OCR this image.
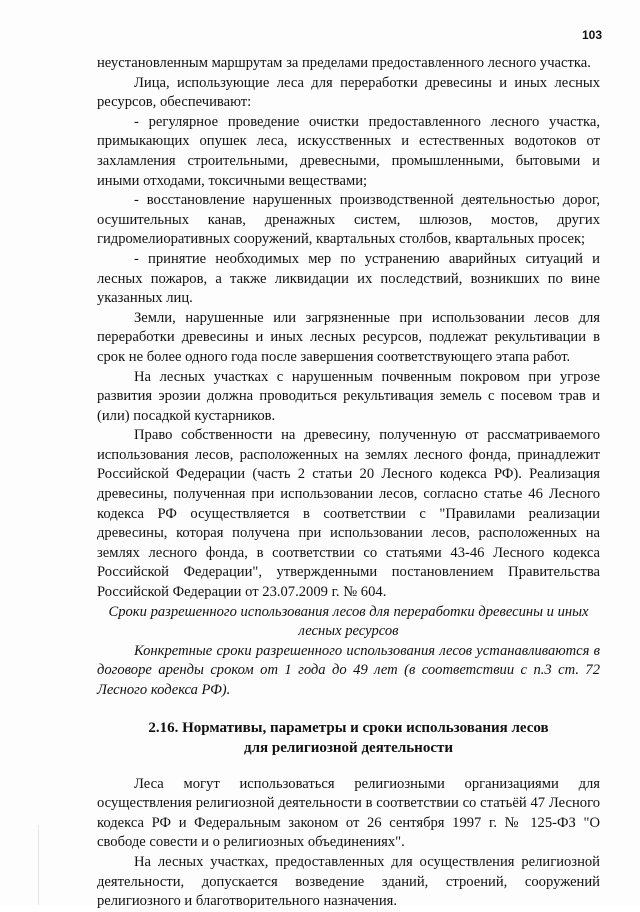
103

неустановленным маршрутам за пределами предоставленного лесного участка.

Лица, использующие леса для переработки древесины и иных лесных ресурсов, обеспечивают:

- регулярное проведение очистки предоставленного лесного участка, примыкающих опушек леса, искусственных и естественных водотоков от захламления строительными, древесными, промышленными, бытовыми и иными отходами, токсичными веществами;

- восстановление нарушенных производственной деятельностью дорог, осушительных канав, дренажных систем, шлюзов, мостов, других гидромелиоративных сооружений, квартальных столбов, квартальных просек;

- принятие необходимых мер по устранению аварийных ситуаций и лесных пожаров, а также ликвидации их последствий, возникших по вине указанных лиц.

Земли, нарушенные или загрязненные при использовании лесов для переработки древесины и иных лесных ресурсов, подлежат рекультивации в срок не более одного года после завершения соответствующего этапа работ.

На лесных участках с нарушенным почвенным покровом при угрозе развития эрозии должна проводиться рекультивация земель с посевом трав и (или) посадкой кустарников.

Право собственности на древесину, полученную от рассматриваемого использования лесов, расположенных на землях лесного фонда, принадлежит Российской Федерации (часть 2 статьи 20 Лесного кодекса РФ). Реализация древесины, полученная при использовании лесов, согласно статье 46 Лесного кодекса РФ осуществляется в соответствии с "Правилами реализации древесины, которая получена при использовании лесов, расположенных на землях лесного фонда, в соответствии со статьями 43-46 Лесного кодекса Российской Федерации", утвержденными постановлением Правительства Российской Федерации от 23.07.2009 г. № 604.

Сроки разрешенного использования лесов для переработки древесины и иных лесных ресурсов

Конкретные сроки разрешенного использования лесов устанавливаются в договоре аренды сроком от 1 года до 49 лет (в соответствии с п.3 ст. 72 Лесного кодекса РФ).

2.16. Нормативы, параметры и сроки использования лесов
для религиозной деятельности

Леса могут использоваться религиозными организациями для осуществления религиозной деятельности в соответствии со статьёй 47 Лесного кодекса РФ и Федеральным законом от 26 сентября 1997 г. № 125-ФЗ "О свободе совести и о религиозных объединениях".

На лесных участках, предоставленных для осуществления религиозной деятельности, допускается возведение зданий, строений, сооружений религиозного и благотворительного назначения.
